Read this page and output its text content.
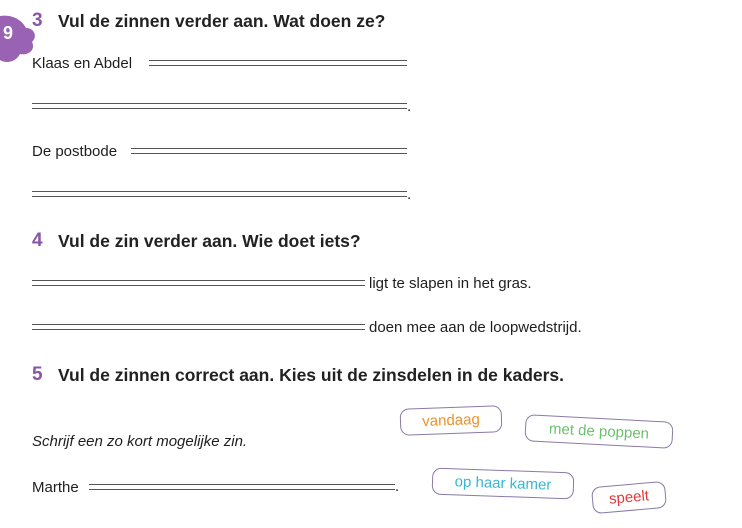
9
3 Vul de zinnen verder aan. Wat doen ze?
Klaas en Abdel
.
De postbode
.
4 Vul de zin verder aan. Wie doet iets?
ligt te slapen in het gras.
doen mee aan de loopwedstrijd.
5 Vul de zinnen correct aan. Kies uit de zinsdelen in de kaders.
Schrijf een zo kort mogelijke zin.
Marthe	.
vandaag	met de poppen
op haar kamer
speelt
